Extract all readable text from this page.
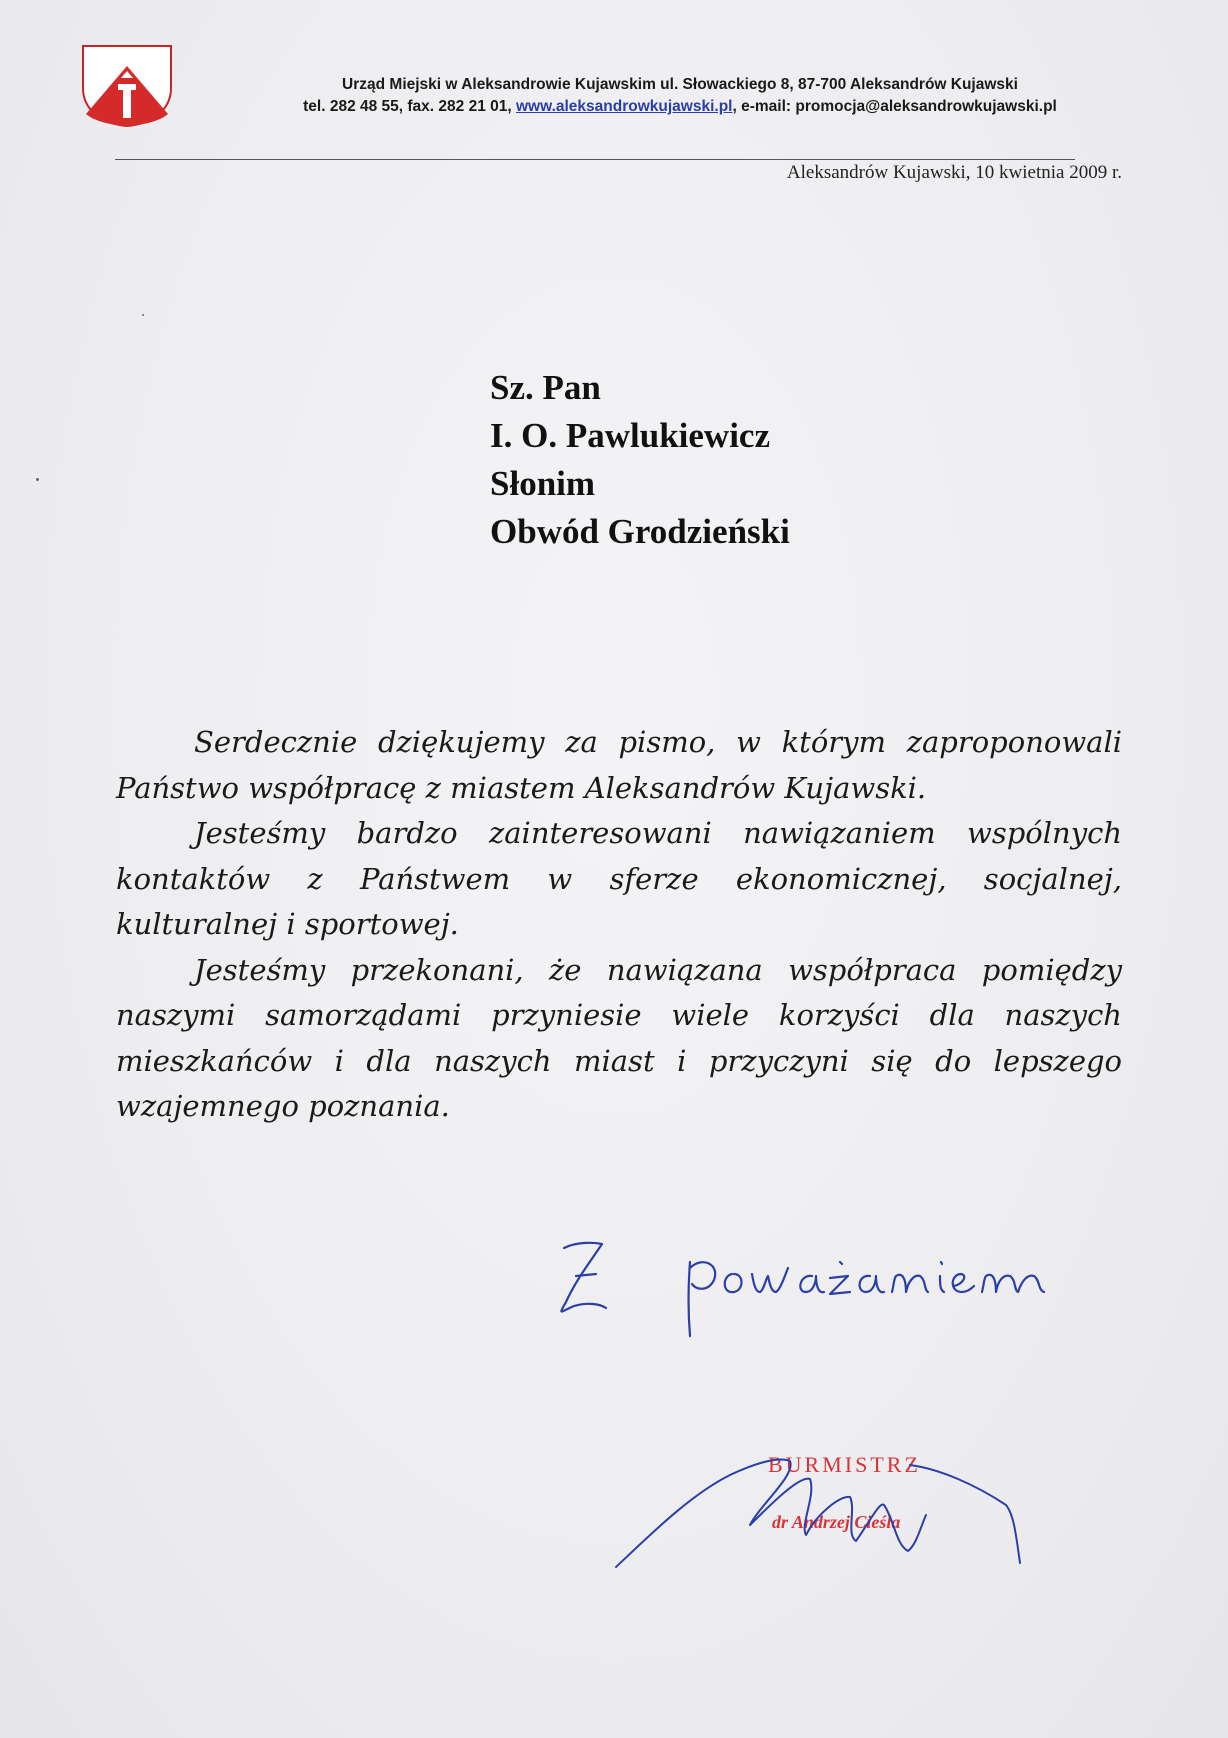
Urząd Miejski w Aleksandrowie Kujawskim ul. Słowackiego 8, 87-700 Aleksandrów Kujawski
tel. 282 48 55, fax. 282 21 01, www.aleksandrowkujawski.pl, e-mail: promocja@aleksandrowkujawski.pl
Aleksandrów Kujawski, 10 kwietnia 2009 r.
Sz. Pan
I. O. Pawlukiewicz
Słonim
Obwód Grodzieński

Serdecznie dziękujemy za pismo, w którym zaproponowali Państwo współpracę z miastem Aleksandrów Kujawski.

Jesteśmy bardzo zainteresowani nawiązaniem wspólnych kontaktów z Państwem w sferze ekonomicznej, socjalnej, kulturalnej i sportowej.

Jesteśmy przekonani, że nawiązana współpraca pomiędzy naszymi samorządami przyniesie wiele korzyści dla naszych mieszkańców i dla naszych miast i przyczyni się do lepszego wzajemnego poznania.

BURMISTRZ
dr Andrzej Cieśla
